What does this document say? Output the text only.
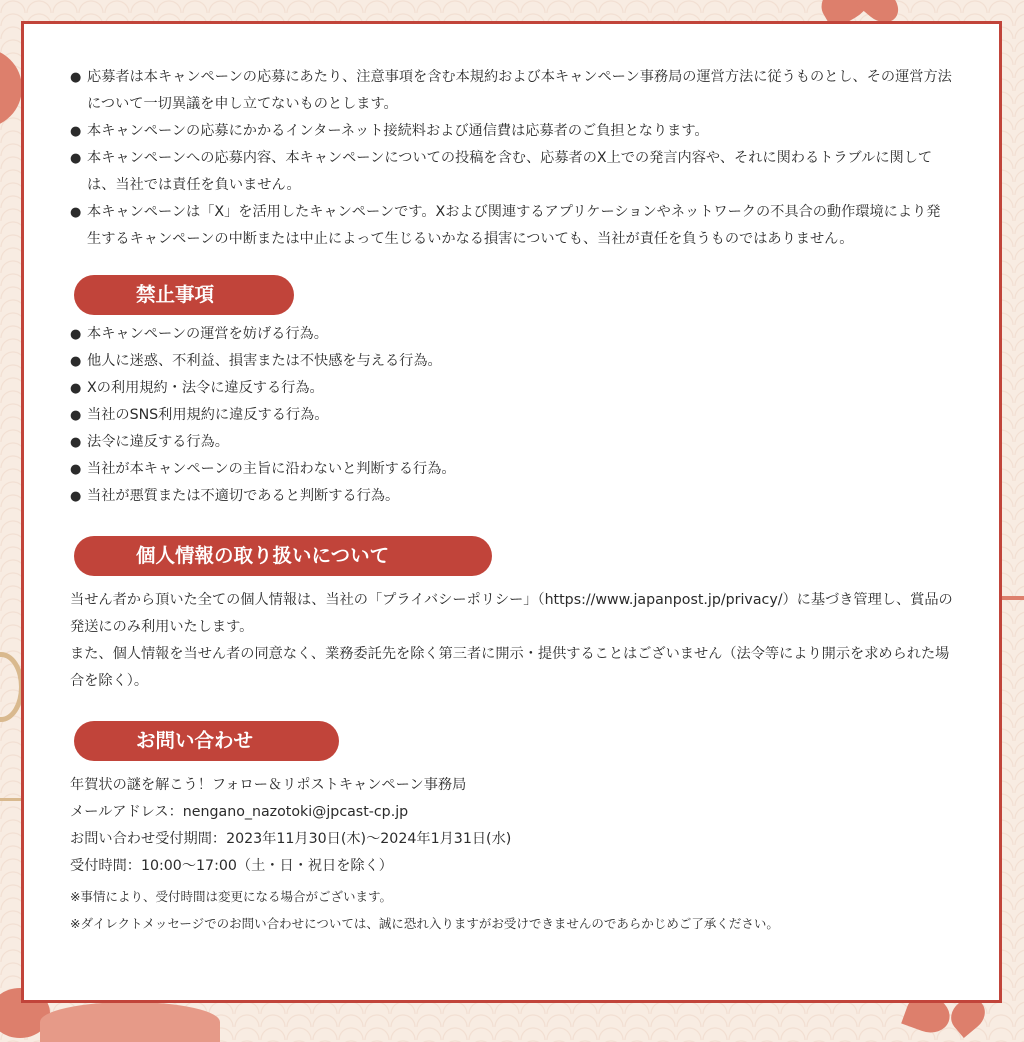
● 応募者は本キャンペーンの応募にあたり、注意事項を含む本規約および本キャンペーン事務局の運営方法に従うものとし、その運営方法について一切異議を申し立てないものとします。

● 本キャンペーンの応募にかかるインターネット接続料および通信費は応募者のご負担となります。

● 本キャンペーンへの応募内容、本キャンペーンについての投稿を含む、応募者のX上での発言内容や、それに関わるトラブルに関しては、当社では責任を負いません。

● 本キャンペーンは「X」を活用したキャンペーンです。Xおよび関連するアプリケーションやネットワークの不具合の動作環境により発生するキャンペーンの中断または中止によって生じるいかなる損害についても、当社が責任を負うものではありません。

禁止事項

● 本キャンペーンの運営を妨げる行為。

● 他人に迷惑、不利益、損害または不快感を与える行為。

● Xの利用規約・法令に違反する行為。

● 当社のSNS利用規約に違反する行為。

● 法令に違反する行為。

● 当社が本キャンペーンの主旨に沿わないと判断する行為。

● 当社が悪質または不適切であると判断する行為。

個人情報の取り扱いについて

当せん者から頂いた全ての個人情報は、当社の「プライバシーポリシー」（https://www.japanpost.jp/privacy/）に基づき管理し、賞品の発送にのみ利用いたします。

また、個人情報を当せん者の同意なく、業務委託先を除く第三者に開示・提供することはございません（法令等により開示を求められた場合を除く）。

お問い合わせ

年賀状の謎を解こう！フォロー＆リポストキャンペーン事務局

メールアドレス：nengano_nazotoki@jpcast-cp.jp

お問い合わせ受付期間：2023年11月30日(木)〜2024年1月31日(水)

受付時間：10:00〜17:00（土・日・祝日を除く）

※事情により、受付時間は変更になる場合がございます。

※ダイレクトメッセージでのお問い合わせについては、誠に恐れ入りますがお受けできませんのであらかじめご了承ください。
